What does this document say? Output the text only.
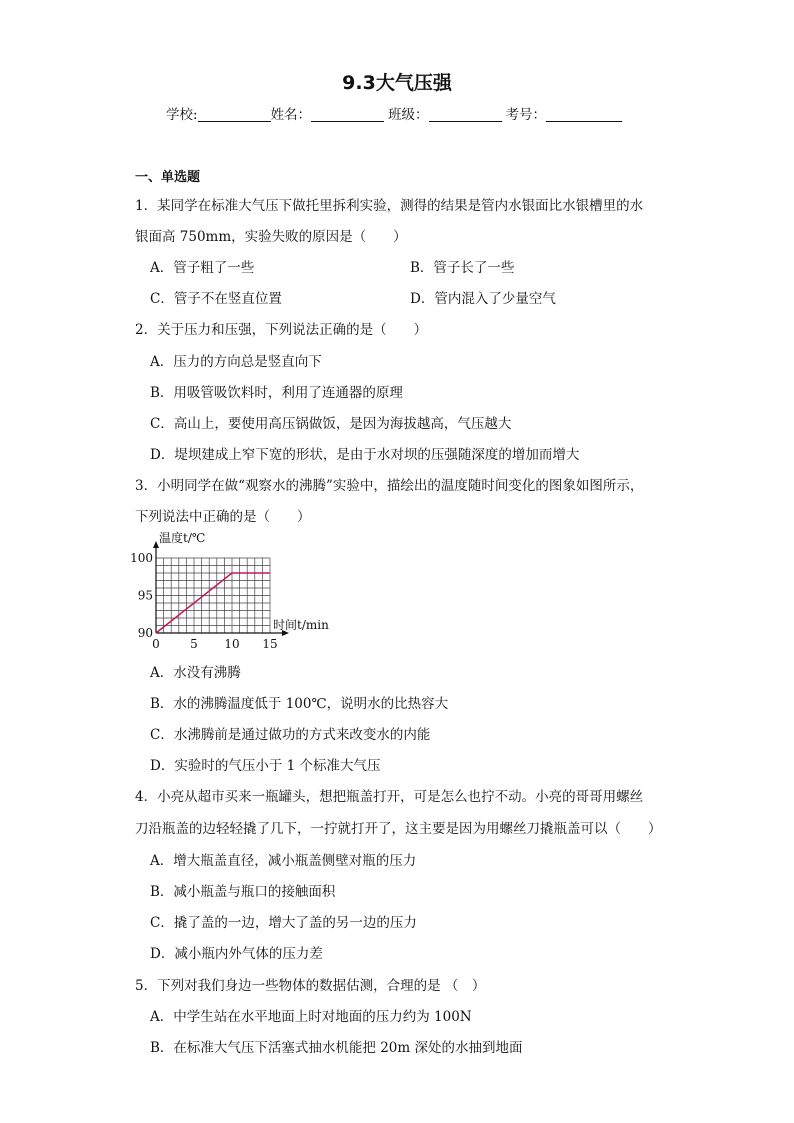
9.3大气压强
学校:	姓名：	班级：	考号：
一、单选题
1．某同学在标准大气压下做托里拆利实验，测得的结果是管内水银面比水银槽里的水
银面高 750mm，实验失败的原因是（　　）
A．管子粗了一些	B．管子长了一些
C．管子不在竖直位置	D．管内混入了少量空气
2．关于压力和压强，下列说法正确的是（　　）
A．压力的方向总是竖直向下
B．用吸管吸饮料时，利用了连通器的原理
C．高山上，要使用高压锅做饭，是因为海拔越高，气压越大
D．堤坝建成上窄下宽的形状，是由于水对坝的压强随深度的增加而增大
3．小明同学在做“观察水的沸腾”实验中，描绘出的温度随时间变化的图象如图所示，
下列说法中正确的是（　　）
0	5 10 15
90
95
100
温度t/℃
时间t/min
A．水没有沸腾
B．水的沸腾温度低于 100℃，说明水的比热容大
C．水沸腾前是通过做功的方式来改变水的内能
D．实验时的气压小于 1 个标准大气压
4．小亮从超市买来一瓶罐头，想把瓶盖打开，可是怎么也拧不动。小亮的哥哥用螺丝
刀沿瓶盖的边轻轻撬了几下，一拧就打开了，这主要是因为用螺丝刀撬瓶盖可以（　　）
A．增大瓶盖直径，减小瓶盖侧壁对瓶的压力
B．减小瓶盖与瓶口的接触面积
C．撬了盖的一边，增大了盖的另一边的压力
D．减小瓶内外气体的压力差
5．下列对我们身边一些物体的数据估测，合理的是 （　）
A．中学生站在水平地面上时对地面的压力约为 100N
B．在标准大气压下活塞式抽水机能把 20m 深处的水抽到地面
